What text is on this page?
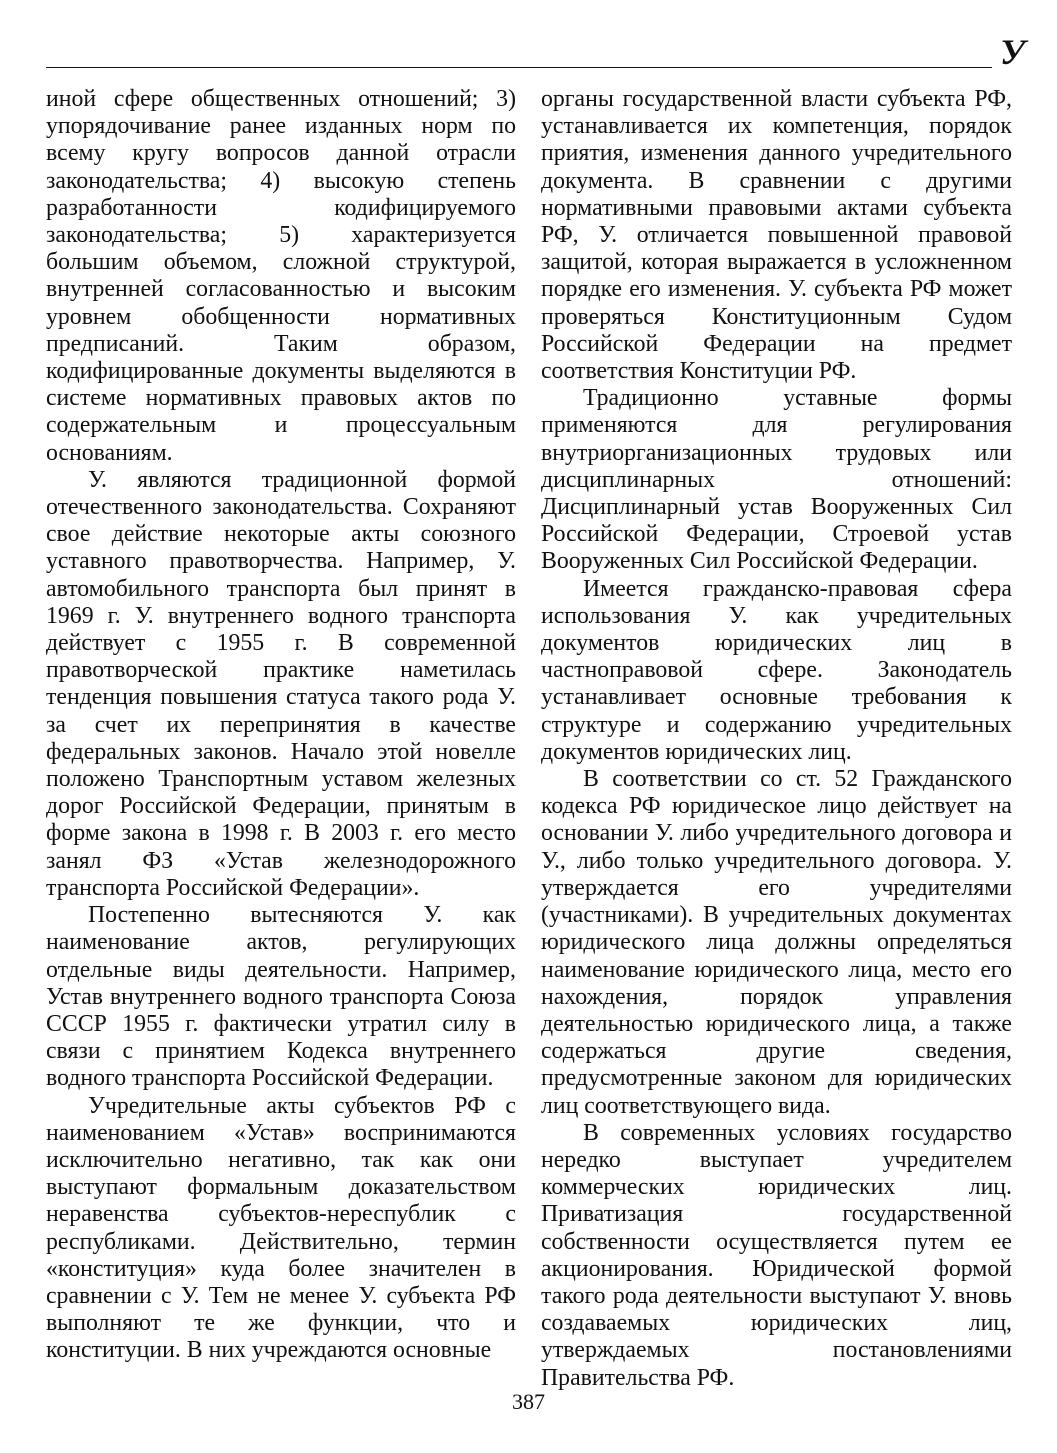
У

иной сфере общественных отношений; 3) упорядочивание ранее изданных норм по всему кругу вопросов данной отрасли законодательства; 4) высокую степень разработанности кодифицируемого законодательства; 5) характеризуется большим объемом, сложной структурой, внутренней согласованностью и высоким уровнем обобщенности нормативных предписаний. Таким образом, кодифицированные документы выделяются в системе нормативных правовых актов по содержательным и процессуальным основаниям.

У. являются традиционной формой отечественного законодательства. Сохраняют свое действие некоторые акты союзного уставного правотворчества. Например, У. автомобильного транспорта был принят в 1969 г. У. внутреннего водного транспорта действует с 1955 г. В современной правотворческой практике наметилась тенденция повышения статуса такого рода У. за счет их перепринятия в качестве федеральных законов. Начало этой новелле положено Транспортным уставом железных дорог Российской Федерации, принятым в форме закона в 1998 г. В 2003 г. его место занял ФЗ «Устав железнодорожного транспорта Российской Федерации».

Постепенно вытесняются У. как наименование актов, регулирующих отдельные виды деятельности. Например, Устав внутреннего водного транспорта Союза СССР 1955 г. фактически утратил силу в связи с принятием Кодекса внутреннего водного транспорта Российской Федерации.

Учредительные акты субъектов РФ с наименованием «Устав» воспринимаются исключительно негативно, так как они выступают формальным доказательством неравенства субъектов-нереспублик с республиками. Действительно, термин «конституция» куда более значителен в сравнении с У. Тем не менее У. субъекта РФ выполняют те же функции, что и конституции. В них учреждаются основные

органы государственной власти субъекта РФ, устанавливается их компетенция, порядок приятия, изменения данного учредительного документа. В сравнении с другими нормативными правовыми актами субъекта РФ, У. отличается повышенной правовой защитой, которая выражается в усложненном порядке его изменения. У. субъекта РФ может проверяться Конституционным Судом Российской Федерации на предмет соответствия Конституции РФ.

Традиционно уставные формы применяются для регулирования внутриорганизационных трудовых или дисциплинарных отношений: Дисциплинарный устав Вооруженных Сил Российской Федерации, Строевой устав Вооруженных Сил Российской Федерации.

Имеется гражданско-правовая сфера использования У. как учредительных документов юридических лиц в частноправовой сфере. Законодатель устанавливает основные требования к структуре и содержанию учредительных документов юридических лиц.

В соответствии со ст. 52 Гражданского кодекса РФ юридическое лицо действует на основании У. либо учредительного договора и У., либо только учредительного договора. У. утверждается его учредителями (участниками). В учредительных документах юридического лица должны определяться наименование юридического лица, место его нахождения, порядок управления деятельностью юридического лица, а также содержаться другие сведения, предусмотренные законом для юридических лиц соответствующего вида.

В современных условиях государство нередко выступает учредителем коммерческих юридических лиц. Приватизация государственной собственности осуществляется путем ее акционирования. Юридической формой такого рода деятельности выступают У. вновь создаваемых юридических лиц, утверждаемых постановлениями Правительства РФ.

387
